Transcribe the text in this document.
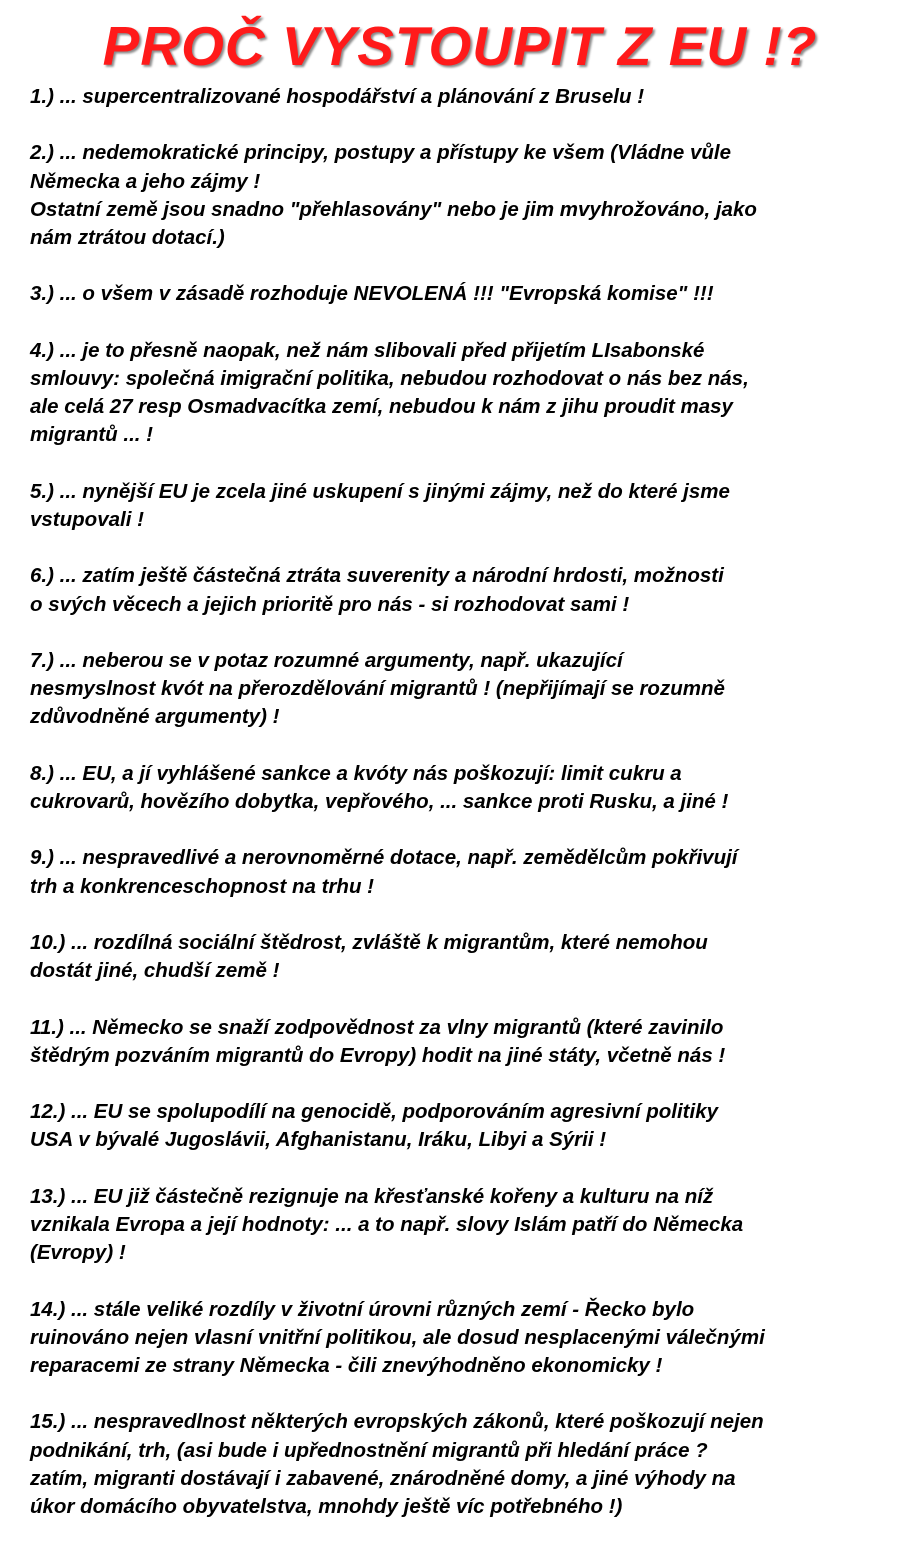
PROČ VYSTOUPIT Z EU !?
1.) ... supercentralizované hospodářství a plánování z Bruselu !
2.) ... nedemokratické principy, postupy a přístupy ke všem (Vládne vůle
Německa a jeho zájmy !
Ostatní země jsou snadno "přehlasovány" nebo je jim mvyhrožováno, jako
nám ztrátou dotací.)
3.) ... o všem v zásadě rozhoduje NEVOLENÁ !!! "Evropská komise" !!!
4.) ... je to přesně naopak, než nám slibovali před přijetím LIsabonské
smlouvy: společná imigrační politika, nebudou rozhodovat o nás bez nás,
ale celá 27 resp Osmadvacítka zemí, nebudou k nám z jihu proudit masy
migrantů ... !
5.) ... nynější EU je zcela jiné uskupení s jinými zájmy, než do které jsme
vstupovali !
6.) ... zatím ještě částečná ztráta suverenity a národní hrdosti, možnosti
o svých věcech a jejich prioritě pro nás - si rozhodovat sami !
7.) ... neberou se v potaz rozumné argumenty, např. ukazující
nesmyslnost kvót na přerozdělování migrantů ! (nepřijímají se rozumně
zdůvodněné argumenty) !
8.) ... EU, a jí vyhlášené sankce a kvóty nás poškozují: limit cukru a
cukrovarů, hovězího dobytka, vepřového, ... sankce proti Rusku, a jiné !
9.) ... nespravedlivé a nerovnoměrné dotace, např. zemědělcům pokřivují
trh a konkrenceschopnost na trhu !
10.) ... rozdílná sociální štědrost, zvláště k migrantům, které nemohou
dostát jiné, chudší země !
11.) ... Německo se snaží zodpovědnost za vlny migrantů (které zavinilo
štědrým pozváním migrantů do Evropy) hodit na jiné státy, včetně nás !
12.) ... EU se spolupodílí na genocidě, podporováním agresivní politiky
USA v bývalé Jugoslávii, Afghanistanu, Iráku, Libyi a Sýrii !
13.) ... EU již částečně rezignuje na křesťanské kořeny a kulturu na níž
vznikala Evropa a její hodnoty: ... a to např. slovy Islám patří do Německa
(Evropy) !
14.) ... stále veliké rozdíly v životní úrovni různých zemí - Řecko bylo
ruinováno nejen vlasní vnitřní politikou, ale dosud nesplacenými válečnými
reparacemi ze strany Německa - čili znevýhodněno ekonomicky !
15.) ... nespravedlnost některých evropských zákonů, které poškozují nejen
podnikání, trh, (asi bude i upřednostnění migrantů při hledání práce ?
zatím, migranti dostávají i zabavené, znárodněné domy, a jiné výhody na
úkor domácího obyvatelstva, mnohdy ještě víc potřebného !)
